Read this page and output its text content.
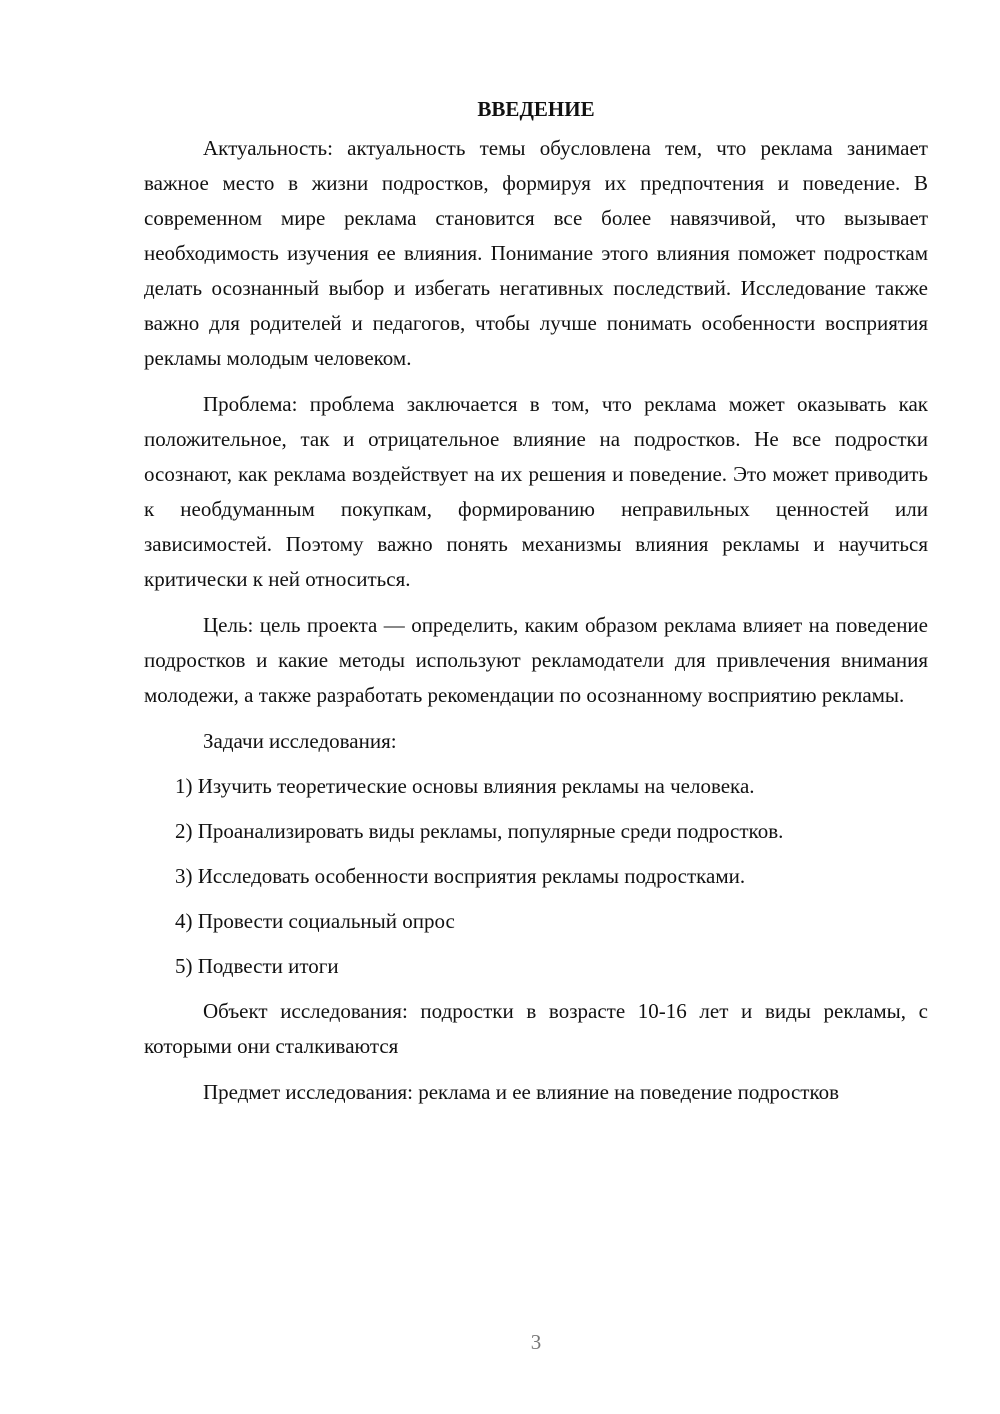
ВВЕДЕНИЕ

Актуальность: актуальность темы обусловлена тем, что реклама занимает важное место в жизни подростков, формируя их предпочтения и поведение. В современном мире реклама становится все более навязчивой, что вызывает необходимость изучения ее влияния. Понимание этого влияния поможет подросткам делать осознанный выбор и избегать негативных последствий. Исследование также важно для родителей и педагогов, чтобы лучше понимать особенности восприятия рекламы молодым человеком.

Проблема: проблема заключается в том, что реклама может оказывать как положительное, так и отрицательное влияние на подростков. Не все подростки осознают, как реклама воздействует на их решения и поведение. Это может приводить к необдуманным покупкам, формированию неправильных ценностей или зависимостей. Поэтому важно понять механизмы влияния рекламы и научиться критически к ней относиться.

Цель: цель проекта — определить, каким образом реклама влияет на поведение подростков и какие методы используют рекламодатели для привлечения внимания молодежи, а также разработать рекомендации по осознанному восприятию рекламы.

Задачи исследования:
1) Изучить теоретические основы влияния рекламы на человека.
2) Проанализировать виды рекламы, популярные среди подростков.
3) Исследовать особенности восприятия рекламы подростками.
4) Провести социальный опрос
5) Подвести итоги

Объект исследования: подростки в возрасте 10-16 лет и виды рекламы, с которыми они сталкиваются

Предмет исследования: реклама и ее влияние на поведение подростков

3
